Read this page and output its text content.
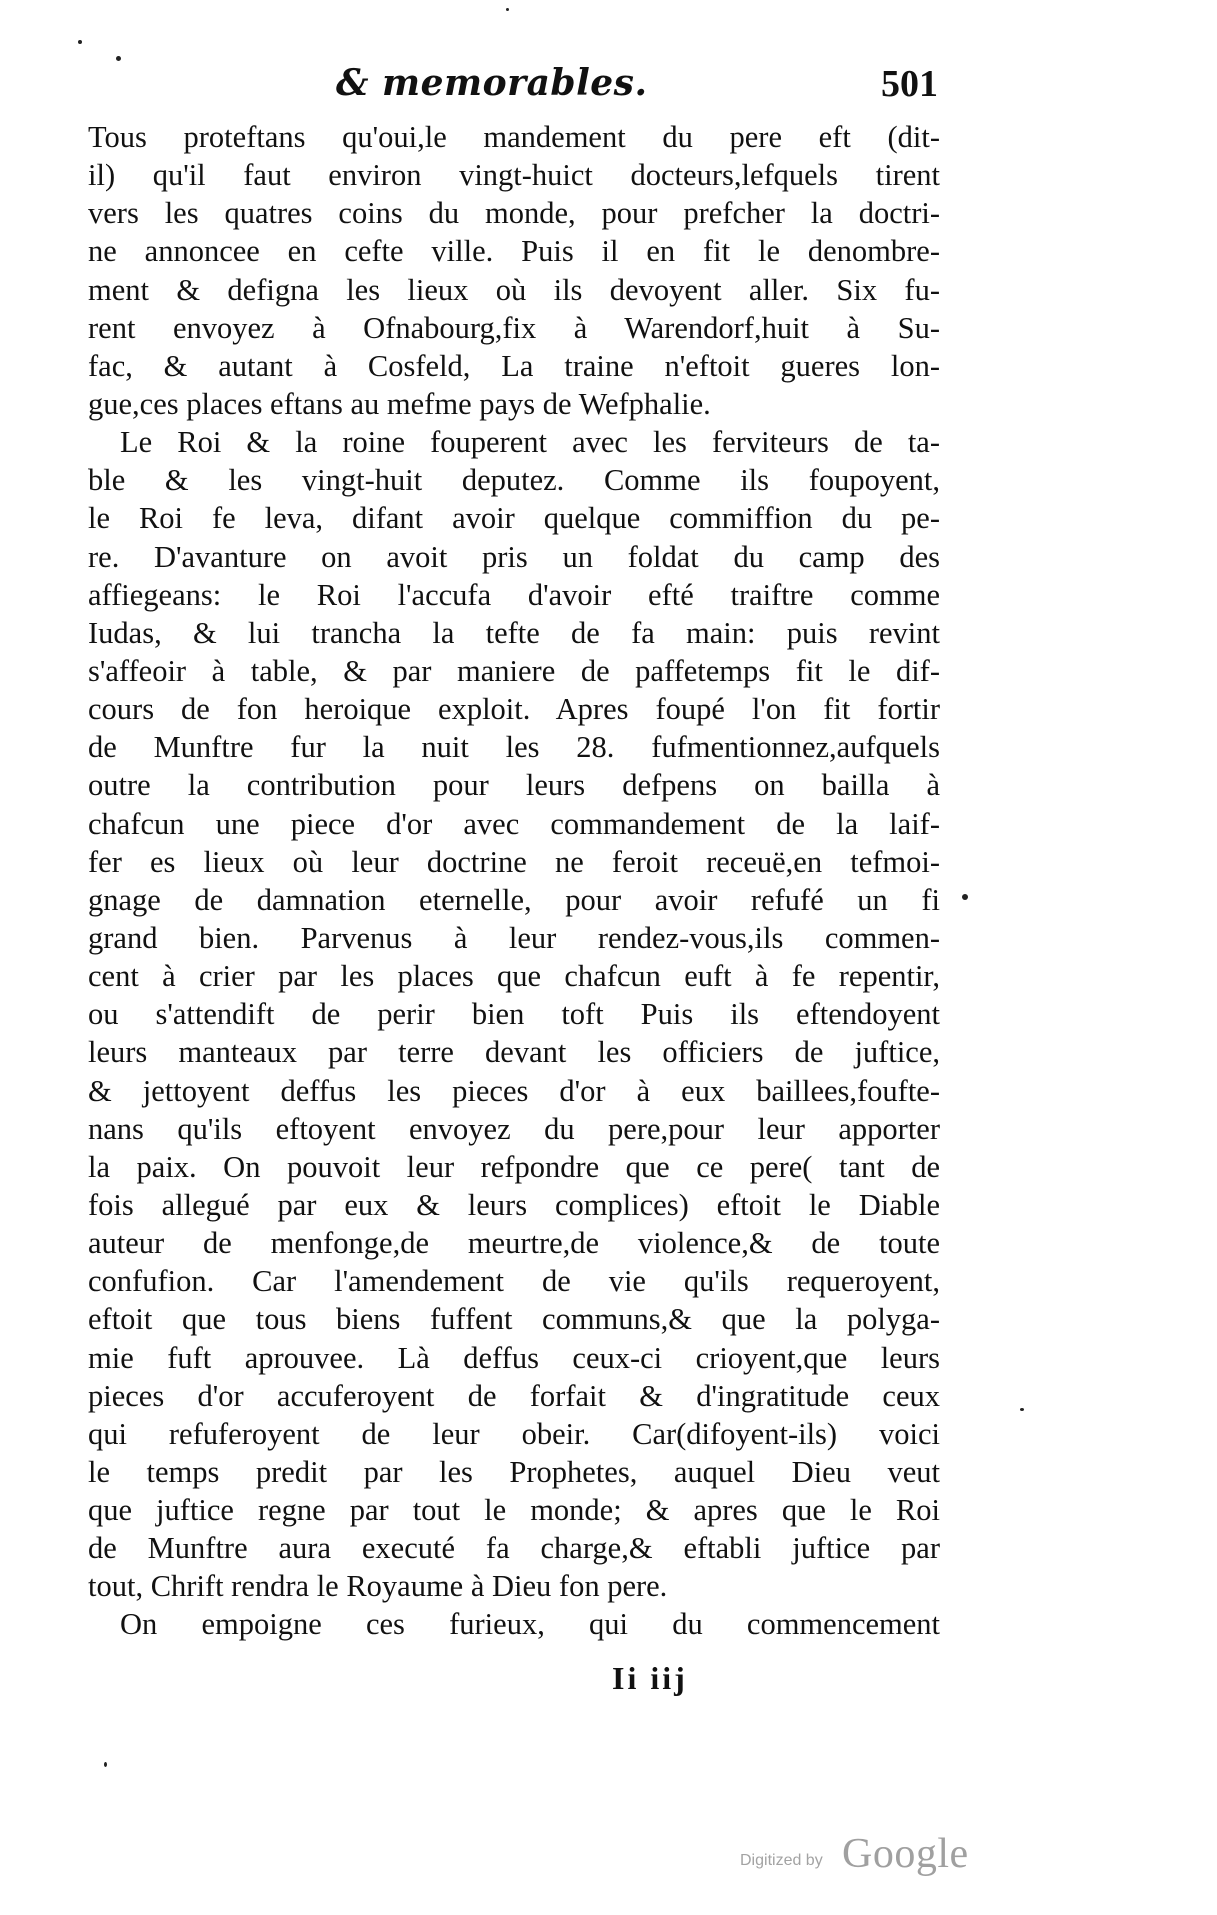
& memorables.	501
Tous proteftans qu'oui,le mandement du pere eft (dit-
il) qu'il faut environ vingt-huict docteurs,lefquels tirent
vers les quatres coins du monde, pour prefcher la doctri-
ne annoncee en cefte ville. Puis il en fit le denombre-
ment & defigna les lieux où ils devoyent aller. Six fu-
rent envoyez à Ofnabourg,fix à Warendorf,huit à Su-
fac, & autant à Cosfeld, La traine n'eftoit gueres lon-
gue,ces places eftans au mefme pays de Wefphalie.
Le Roi & la roine fouperent avec les ferviteurs de ta-
ble & les vingt-huit deputez. Comme ils foupoyent,
le Roi fe leva, difant avoir quelque commiffion du pe-
re. D'avanture on avoit pris un foldat du camp des
affiegeans: le Roi l'accufa d'avoir efté traiftre comme
Iudas, & lui trancha la tefte de fa main: puis revint
s'affeoir à table, & par maniere de paffetemps fit le dif-
cours de fon heroique exploit. Apres foupé l'on fit fortir
de Munftre fur la nuit les 28. fufmentionnez,aufquels
outre la contribution pour leurs defpens on bailla à
chafcun une piece d'or avec commandement de la laif-
fer es lieux où leur doctrine ne feroit receuë,en tefmoi-
gnage de damnation eternelle, pour avoir refufé un fi
grand bien. Parvenus à leur rendez-vous,ils commen-
cent à crier par les places que chafcun euft à fe repentir,
ou s'attendift de perir bien toft Puis ils eftendoyent
leurs manteaux par terre devant les officiers de juftice,
& jettoyent deffus les pieces d'or à eux baillees,foufte-
nans qu'ils eftoyent envoyez du pere,pour leur apporter
la paix. On pouvoit leur refpondre que ce pere( tant de
fois allegué par eux & leurs complices) eftoit le Diable
auteur de menfonge,de meurtre,de violence,& de toute
confufion. Car l'amendement de vie qu'ils requeroyent,
eftoit que tous biens fuffent communs,& que la polyga-
mie fuft aprouvee. Là deffus ceux-ci crioyent,que leurs
pieces d'or accuferoyent de forfait & d'ingratitude ceux
qui refuferoyent de leur obeir. Car(difoyent-ils) voici
le temps predit par les Prophetes, auquel Dieu veut
que juftice regne par tout le monde; & apres que le Roi
de Munftre aura executé fa charge,& eftabli juftice par
tout, Chrift rendra le Royaume à Dieu fon pere.
On empoigne ces furieux, qui du commencement
Ii iij
Digitized by Google
